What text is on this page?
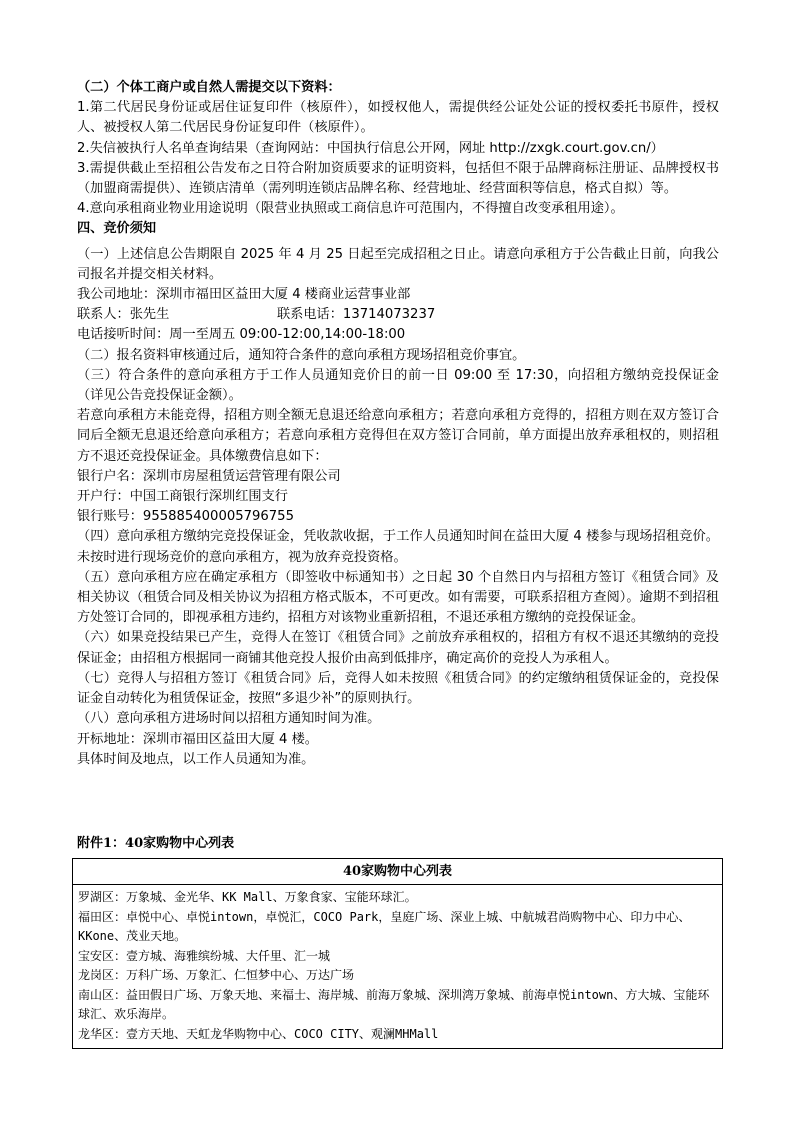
（二）个体工商户或自然人需提交以下资料：

1.第二代居民身份证或居住证复印件（核原件），如授权他人，需提供经公证处公证的授权委托书原件，授权人、被授权人第二代居民身份证复印件（核原件）。

2.失信被执行人名单查询结果（查询网站：中国执行信息公开网，网址 http://zxgk.court.gov.cn/）

3.需提供截止至招租公告发布之日符合附加资质要求的证明资料，包括但不限于品牌商标注册证、品牌授权书（加盟商需提供）、连锁店清单（需列明连锁店品牌名称、经营地址、经营面积等信息，格式自拟）等。

4.意向承租商业物业用途说明（限营业执照或工商信息许可范围内，不得擅自改变承租用途）。

四、竞价须知

（一）上述信息公告期限自 2025 年 4 月 25 日起至完成招租之日止。请意向承租方于公告截止日前，向我公司报名并提交相关材料。

我公司地址：深圳市福田区益田大厦 4 楼商业运营事业部

联系人：张先生	联系电话：13714073237

电话接听时间：周一至周五 09:00-12:00,14:00-18:00

（二）报名资料审核通过后，通知符合条件的意向承租方现场招租竞价事宜。

（三）符合条件的意向承租方于工作人员通知竞价日的前一日 09:00 至 17:30，向招租方缴纳竞投保证金（详见公告竞投保证金额）。

若意向承租方未能竞得，招租方则全额无息退还给意向承租方；若意向承租方竞得的，招租方则在双方签订合同后全额无息退还给意向承租方；若意向承租方竞得但在双方签订合同前，单方面提出放弃承租权的，则招租方不退还竞投保证金。具体缴费信息如下：

银行户名：深圳市房屋租赁运营管理有限公司

开户行：中国工商银行深圳红围支行

银行账号：955885400005796755

（四）意向承租方缴纳完竞投保证金，凭收款收据，于工作人员通知时间在益田大厦 4 楼参与现场招租竞价。未按时进行现场竞价的意向承租方，视为放弃竞投资格。

（五）意向承租方应在确定承租方（即签收中标通知书）之日起 30 个自然日内与招租方签订《租赁合同》及相关协议（租赁合同及相关协议为招租方格式版本，不可更改。如有需要，可联系招租方查阅）。逾期不到招租方处签订合同的，即视承租方违约，招租方对该物业重新招租，不退还承租方缴纳的竞投保证金。

（六）如果竞投结果已产生，竞得人在签订《租赁合同》之前放弃承租权的，招租方有权不退还其缴纳的竞投保证金；由招租方根据同一商铺其他竞投人报价由高到低排序，确定高价的竞投人为承租人。

（七）竞得人与招租方签订《租赁合同》后，竞得人如未按照《租赁合同》的约定缴纳租赁保证金的，竞投保证金自动转化为租赁保证金，按照“多退少补”的原则执行。

（八）意向承租方进场时间以招租方通知时间为准。

开标地址：深圳市福田区益田大厦 4 楼。

具体时间及地点，以工作人员通知为准。

附件1：40家购物中心列表
40家购物中心列表

罗湖区：万象城、金光华、KK Mall、万象食家、宝能环球汇。

福田区：卓悦中心、卓悦intown，卓悦汇，COCO Park，皇庭广场、深业上城、中航城君尚购物中心、印力中心、KKone、茂业天地。

宝安区：壹方城、海雅缤纷城、大仟里、汇一城

龙岗区：万科广场、万象汇、仁恒梦中心、万达广场

南山区：益田假日广场、万象天地、来福士、海岸城、前海万象城、深圳湾万象城、前海卓悦intown、方大城、宝能环球汇、欢乐海岸。

龙华区：壹方天地、天虹龙华购物中心、COCO CITY、观澜MHMall
